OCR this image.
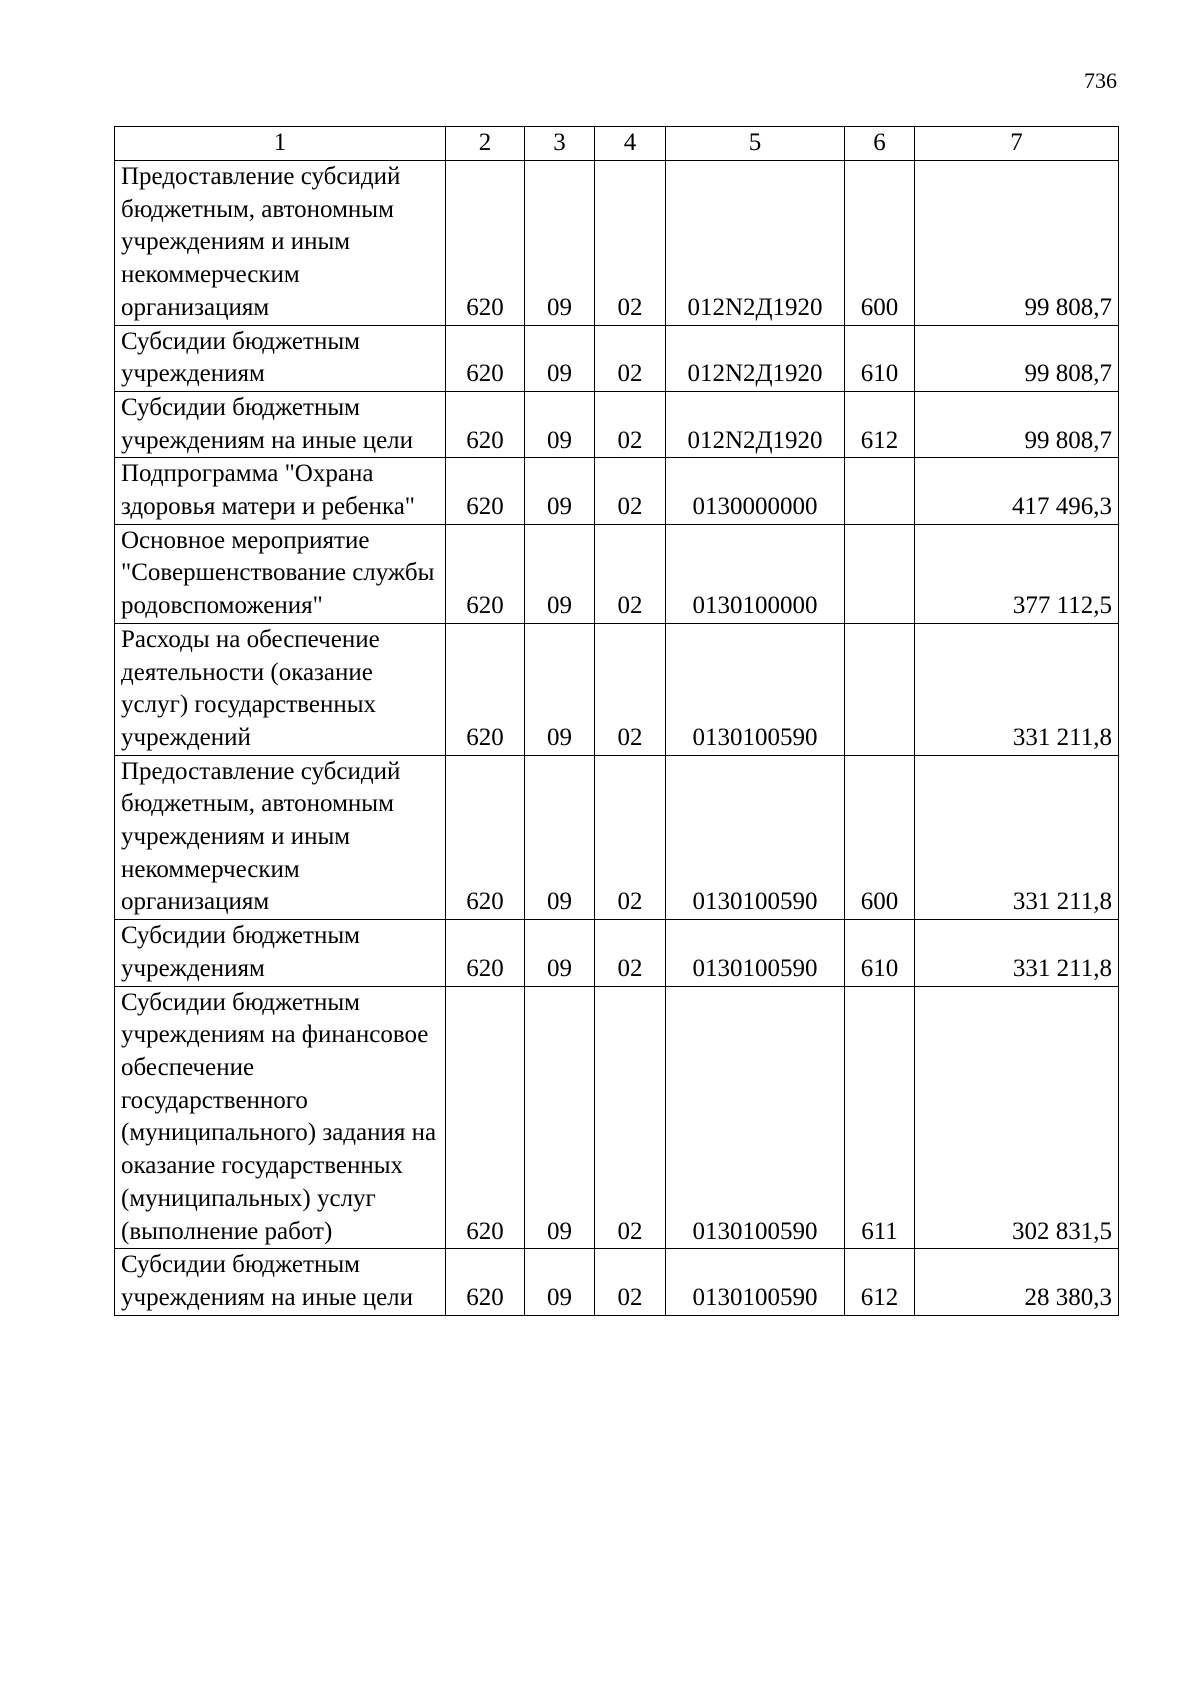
736
1	2	3	4	5	6	7
Предоставление субсидий бюджетным, автономным учреждениям и иным некоммерческим организациям	620	09	02	012N2Д1920	600	99 808,7
Субсидии бюджетным учреждениям	620	09	02	012N2Д1920	610	99 808,7
Субсидии бюджетным учреждениям на иные цели	620	09	02	012N2Д1920	612	99 808,7
Подпрограмма "Охрана здоровья матери и ребенка"	620	09	02	0130000000		417 496,3
Основное мероприятие "Совершенствование службы родовспоможения"	620	09	02	0130100000		377 112,5
Расходы на обеспечение деятельности (оказание услуг) государственных учреждений	620	09	02	0130100590		331 211,8
Предоставление субсидий бюджетным, автономным учреждениям и иным некоммерческим организациям	620	09	02	0130100590	600	331 211,8
Субсидии бюджетным учреждениям	620	09	02	0130100590	610	331 211,8
Субсидии бюджетным учреждениям на финансовое обеспечение государственного (муниципального) задания на оказание государственных (муниципальных) услуг (выполнение работ)	620	09	02	0130100590	611	302 831,5
Субсидии бюджетным учреждениям на иные цели	620	09	02	0130100590	612	28 380,3
